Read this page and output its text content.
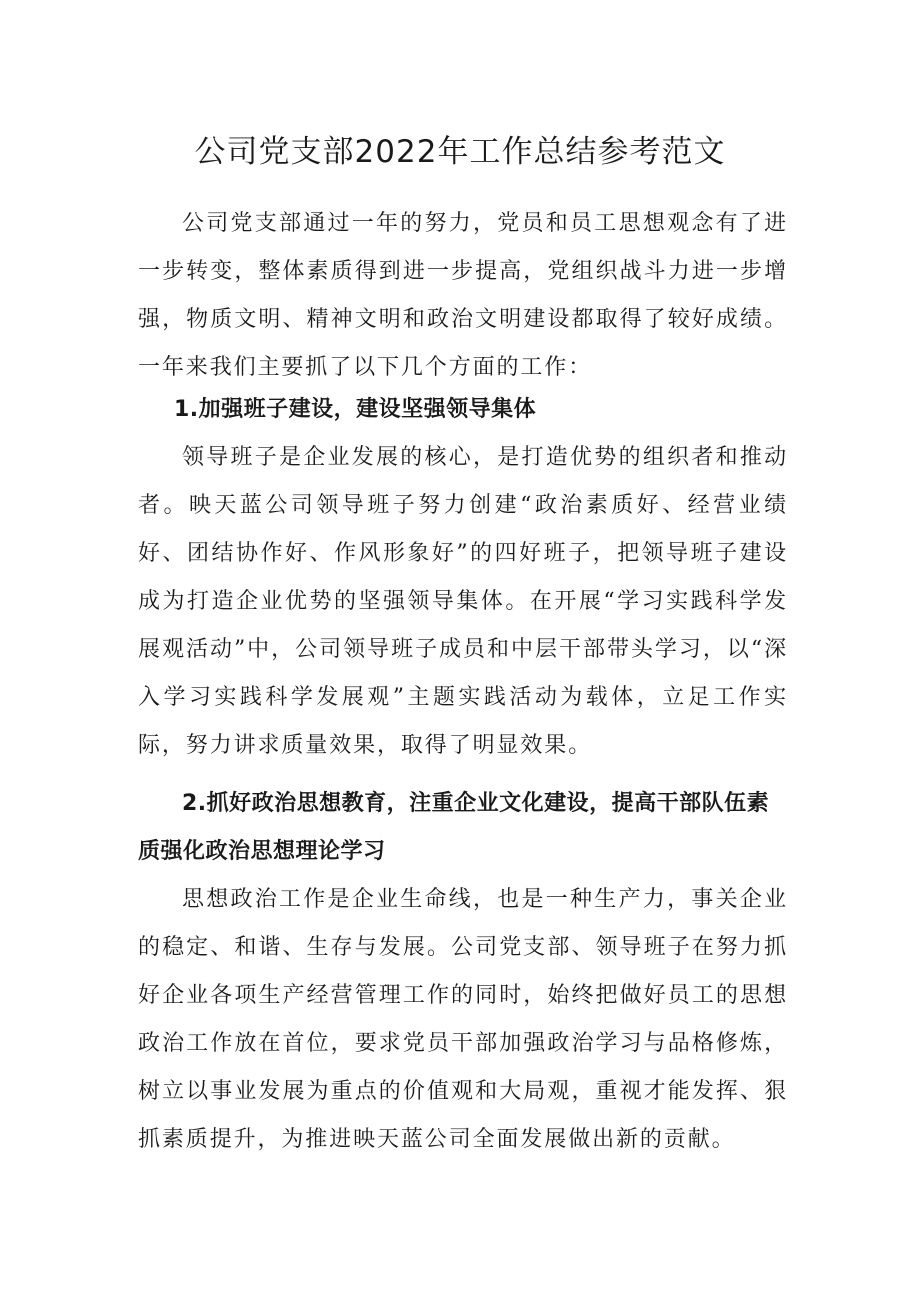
公司党支部2022年工作总结参考范文

公司党支部通过一年的努力，党员和员工思想观念有了进一步转变，整体素质得到进一步提高，党组织战斗力进一步增强，物质文明、精神文明和政治文明建设都取得了较好成绩。一年来我们主要抓了以下几个方面的工作：

1.加强班子建设，建设坚强领导集体

领导班子是企业发展的核心，是打造优势的组织者和推动者。映天蓝公司领导班子努力创建“政治素质好、经营业绩好、团结协作好、作风形象好”的四好班子，把领导班子建设成为打造企业优势的坚强领导集体。在开展“学习实践科学发展观活动”中，公司领导班子成员和中层干部带头学习，以“深入学习实践科学发展观”主题实践活动为载体，立足工作实际，努力讲求质量效果，取得了明显效果。

2.抓好政治思想教育，注重企业文化建设，提高干部队伍素质强化政治思想理论学习

思想政治工作是企业生命线，也是一种生产力，事关企业的稳定、和谐、生存与发展。公司党支部、领导班子在努力抓好企业各项生产经营管理工作的同时，始终把做好员工的思想政治工作放在首位，要求党员干部加强政治学习与品格修炼，树立以事业发展为重点的价值观和大局观，重视才能发挥、狠抓素质提升，为推进映天蓝公司全面发展做出新的贡献。
